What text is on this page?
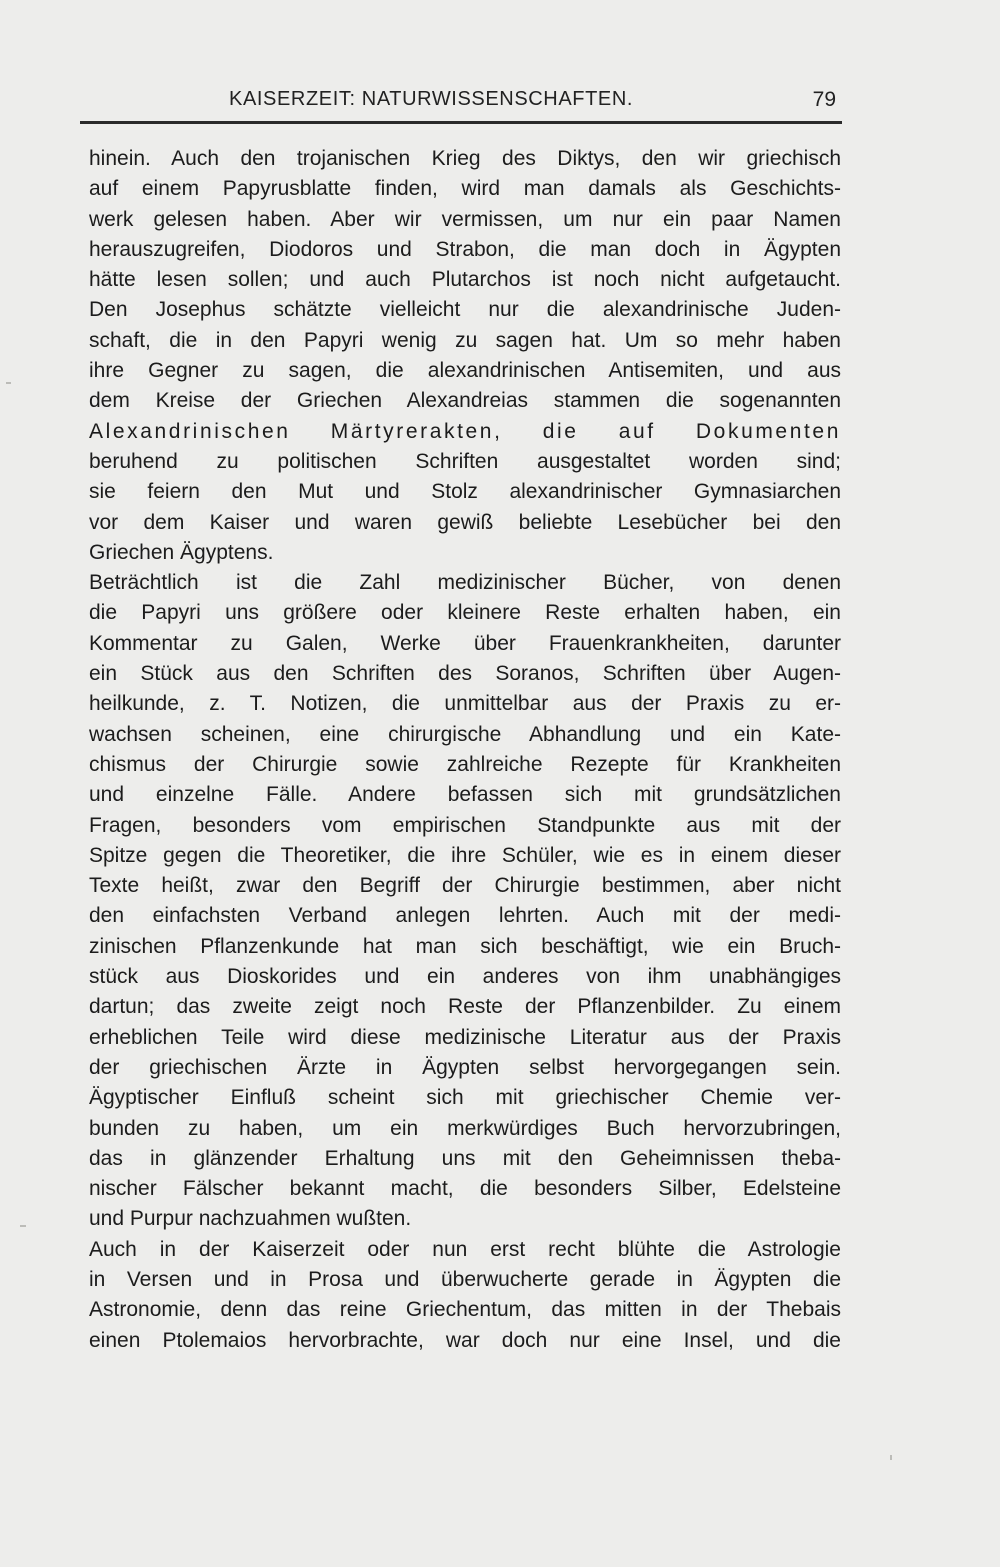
KAISERZEIT: NATURWISSENSCHAFTEN.	79
hinein. Auch den trojanischen Krieg des Diktys, den wir griechisch
auf einem Papyrusblatte finden, wird man damals als Geschichts-
werk gelesen haben. Aber wir vermissen, um nur ein paar Namen
herauszugreifen, Diodoros und Strabon, die man doch in Ägypten
hätte lesen sollen; und auch Plutarchos ist noch nicht aufgetaucht.
Den Josephus schätzte vielleicht nur die alexandrinische Juden-
schaft, die in den Papyri wenig zu sagen hat. Um so mehr haben
ihre Gegner zu sagen, die alexandrinischen Antisemiten, und aus
dem Kreise der Griechen Alexandreias stammen die sogenannten
Alexandrinischen Märtyrerakten, die auf Dokumenten
beruhend zu politischen Schriften ausgestaltet worden sind;
sie feiern den Mut und Stolz alexandrinischer Gymnasiarchen
vor dem Kaiser und waren gewiß beliebte Lesebücher bei den
Griechen Ägyptens.
Beträchtlich ist die Zahl medizinischer Bücher, von denen
die Papyri uns größere oder kleinere Reste erhalten haben, ein
Kommentar zu Galen, Werke über Frauenkrankheiten, darunter
ein Stück aus den Schriften des Soranos, Schriften über Augen-
heilkunde, z. T. Notizen, die unmittelbar aus der Praxis zu er-
wachsen scheinen, eine chirurgische Abhandlung und ein Kate-
chismus der Chirurgie sowie zahlreiche Rezepte für Krankheiten
und einzelne Fälle. Andere befassen sich mit grundsätzlichen
Fragen, besonders vom empirischen Standpunkte aus mit der
Spitze gegen die Theoretiker, die ihre Schüler, wie es in einem dieser
Texte heißt, zwar den Begriff der Chirurgie bestimmen, aber nicht
den einfachsten Verband anlegen lehrten. Auch mit der medi-
zinischen Pflanzenkunde hat man sich beschäftigt, wie ein Bruch-
stück aus Dioskorides und ein anderes von ihm unabhängiges
dartun; das zweite zeigt noch Reste der Pflanzenbilder. Zu einem
erheblichen Teile wird diese medizinische Literatur aus der Praxis
der griechischen Ärzte in Ägypten selbst hervorgegangen sein.
Ägyptischer Einfluß scheint sich mit griechischer Chemie ver-
bunden zu haben, um ein merkwürdiges Buch hervorzubringen,
das in glänzender Erhaltung uns mit den Geheimnissen theba-
nischer Fälscher bekannt macht, die besonders Silber, Edelsteine
und Purpur nachzuahmen wußten.
Auch in der Kaiserzeit oder nun erst recht blühte die Astrologie
in Versen und in Prosa und überwucherte gerade in Ägypten die
Astronomie, denn das reine Griechentum, das mitten in der Thebais
einen Ptolemaios hervorbrachte, war doch nur eine Insel, und die
